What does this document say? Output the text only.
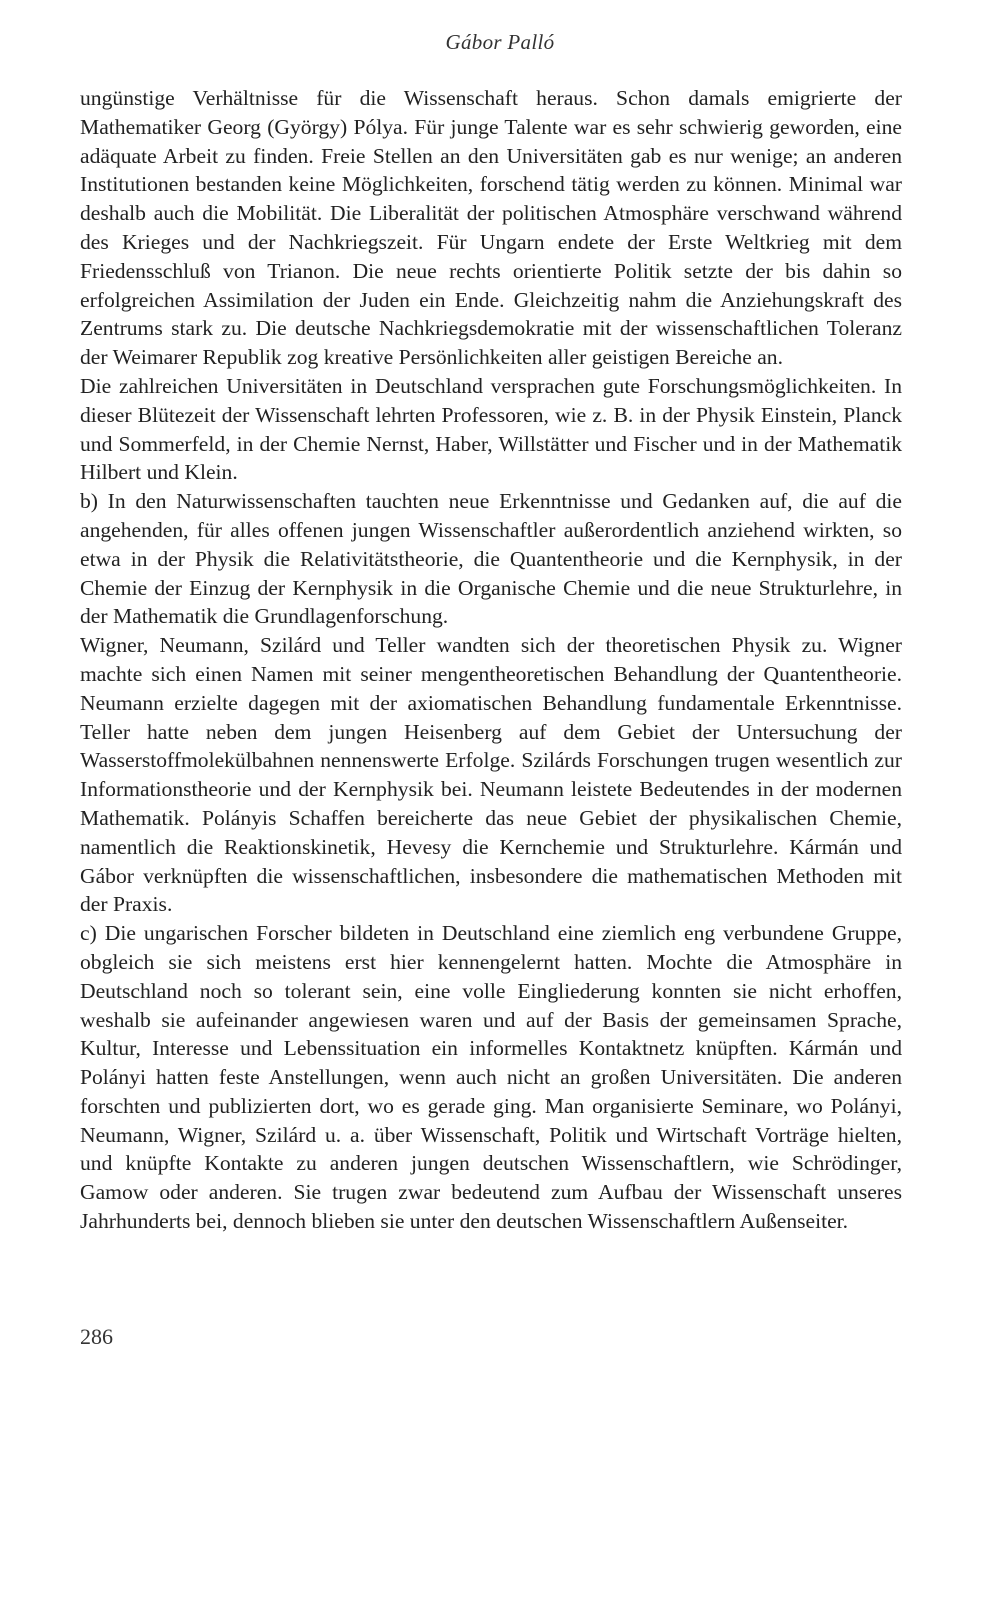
Gábor Palló

ungünstige Verhältnisse für die Wissenschaft heraus. Schon damals emigrierte der Mathematiker Georg (György) Pólya. Für junge Talente war es sehr schwierig geworden, eine adäquate Arbeit zu finden. Freie Stellen an den Universitäten gab es nur wenige; an anderen Institutionen bestanden keine Möglichkeiten, forschend tätig werden zu können. Minimal war deshalb auch die Mobilität. Die Liberalität der politischen Atmosphäre verschwand während des Krieges und der Nachkriegszeit. Für Ungarn endete der Erste Weltkrieg mit dem Friedensschluß von Trianon. Die neue rechts orientierte Politik setzte der bis dahin so erfolgreichen Assimilation der Juden ein Ende. Gleichzeitig nahm die Anziehungskraft des Zentrums stark zu. Die deutsche Nachkriegsdemokratie mit der wissenschaftlichen Toleranz der Weimarer Republik zog kreative Persönlichkeiten aller geistigen Bereiche an.

Die zahlreichen Universitäten in Deutschland versprachen gute Forschungsmöglichkeiten. In dieser Blütezeit der Wissenschaft lehrten Professoren, wie z. B. in der Physik Einstein, Planck und Sommerfeld, in der Chemie Nernst, Haber, Willstätter und Fischer und in der Mathematik Hilbert und Klein.

b) In den Naturwissenschaften tauchten neue Erkenntnisse und Gedanken auf, die auf die angehenden, für alles offenen jungen Wissenschaftler außerordentlich anziehend wirkten, so etwa in der Physik die Relativitätstheorie, die Quantentheorie und die Kernphysik, in der Chemie der Einzug der Kernphysik in die Organische Chemie und die neue Strukturlehre, in der Mathematik die Grundlagenforschung.

Wigner, Neumann, Szilárd und Teller wandten sich der theoretischen Physik zu. Wigner machte sich einen Namen mit seiner mengentheoretischen Behandlung der Quantentheorie. Neumann erzielte dagegen mit der axiomatischen Behandlung fundamentale Erkenntnisse. Teller hatte neben dem jungen Heisenberg auf dem Gebiet der Untersuchung der Wasserstoffmolekülbahnen nennenswerte Erfolge. Szilárds Forschungen trugen wesentlich zur Informationstheorie und der Kernphysik bei. Neumann leistete Bedeutendes in der modernen Mathematik. Polányis Schaffen bereicherte das neue Gebiet der physikalischen Chemie, namentlich die Reaktionskinetik, Hevesy die Kernchemie und Strukturlehre. Kármán und Gábor verknüpften die wissenschaftlichen, insbesondere die mathematischen Methoden mit der Praxis.

c) Die ungarischen Forscher bildeten in Deutschland eine ziemlich eng verbundene Gruppe, obgleich sie sich meistens erst hier kennengelernt hatten. Mochte die Atmosphäre in Deutschland noch so tolerant sein, eine volle Eingliederung konnten sie nicht erhoffen, weshalb sie aufeinander angewiesen waren und auf der Basis der gemeinsamen Sprache, Kultur, Interesse und Lebenssituation ein informelles Kontaktnetz knüpften. Kármán und Polányi hatten feste Anstellungen, wenn auch nicht an großen Universitäten. Die anderen forschten und publizierten dort, wo es gerade ging. Man organisierte Seminare, wo Polányi, Neumann, Wigner, Szilárd u. a. über Wissenschaft, Politik und Wirtschaft Vorträge hielten, und knüpfte Kontakte zu anderen jungen deutschen Wissenschaftlern, wie Schrödinger, Gamow oder anderen. Sie trugen zwar bedeutend zum Aufbau der Wissenschaft unseres Jahrhunderts bei, dennoch blieben sie unter den deutschen Wissenschaftlern Außenseiter.

286
